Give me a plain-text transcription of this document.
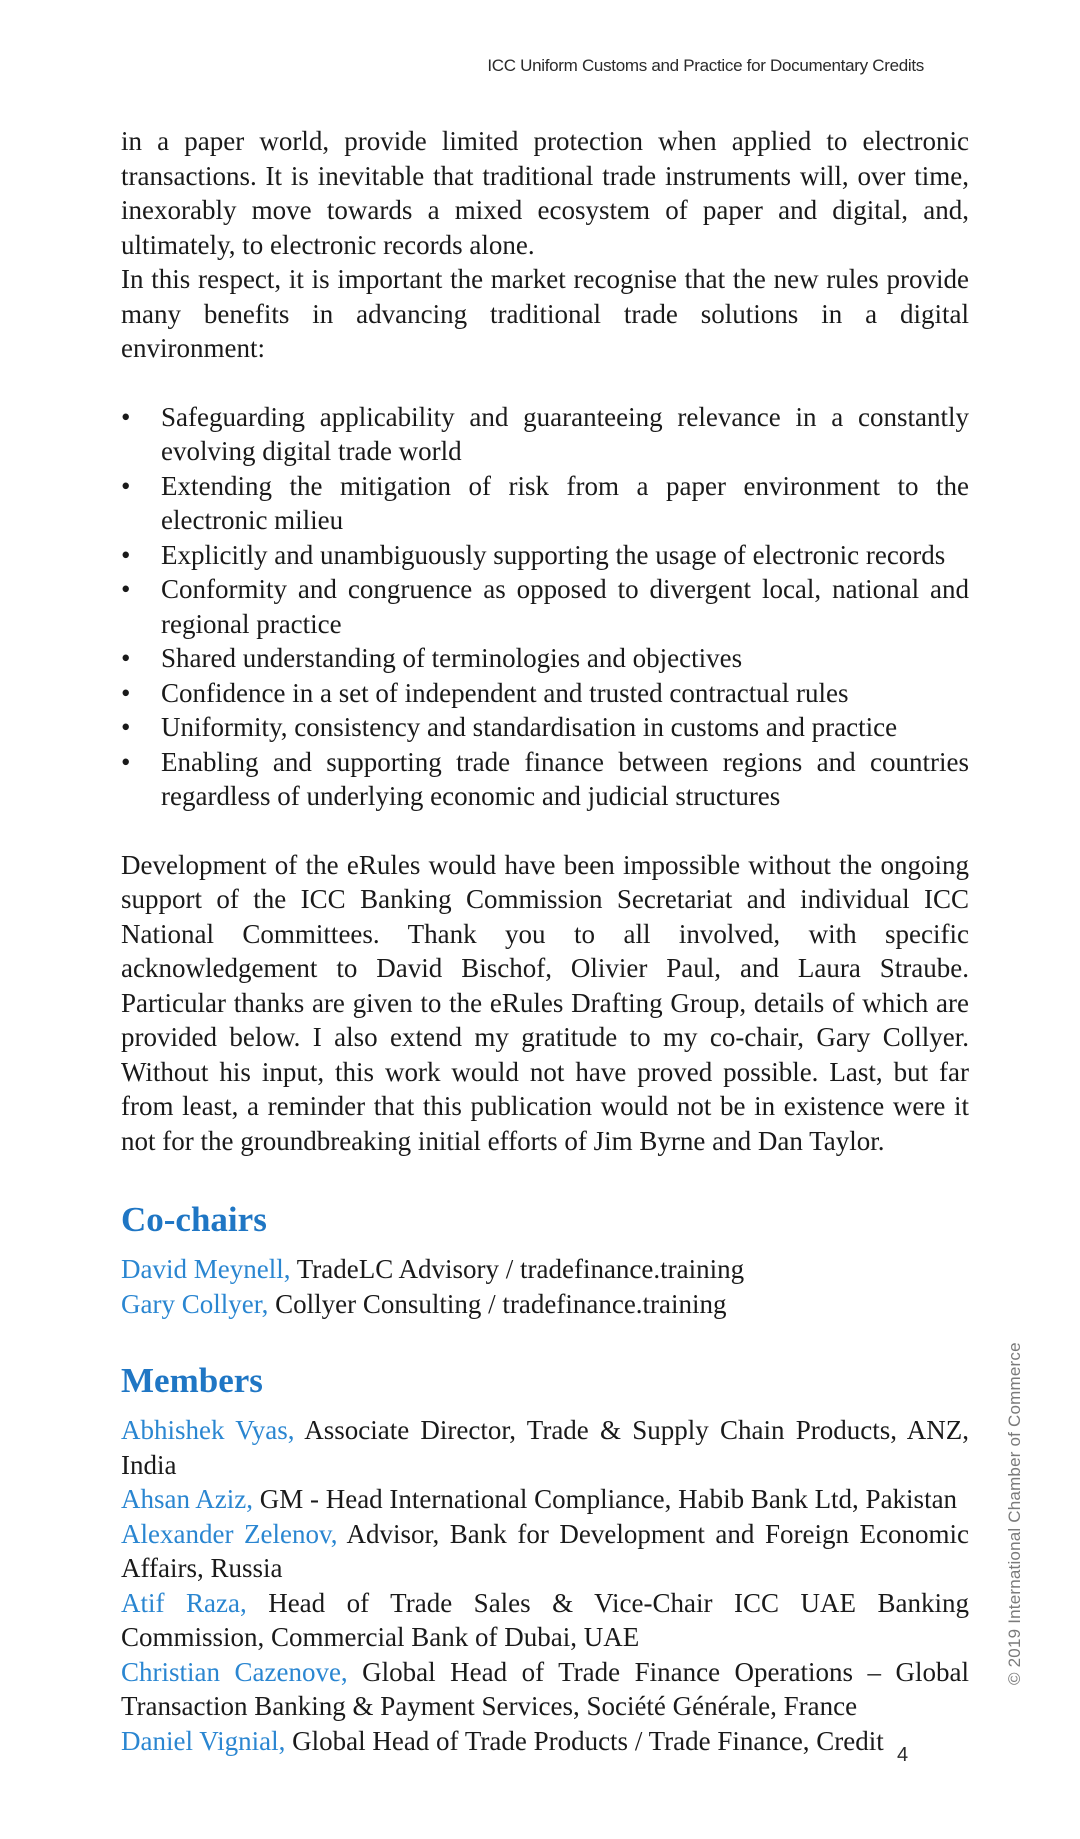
ICC Uniform Customs and Practice for Documentary Credits

in a paper world, provide limited protection when applied to electronic transactions. It is inevitable that traditional trade instruments will, over time, inexorably move towards a mixed ecosystem of paper and digital, and, ultimately, to electronic records alone.

In this respect, it is important the market recognise that the new rules provide many benefits in advancing traditional trade solutions in a digital environment:

•	Safeguarding applicability and guaranteeing relevance in a constantly evolving digital trade world
•	Extending the mitigation of risk from a paper environment to the electronic milieu
•	Explicitly and unambiguously supporting the usage of electronic records
•	Conformity and congruence as opposed to divergent local, national and regional practice
•	Shared understanding of terminologies and objectives
•	Confidence in a set of independent and trusted contractual rules
•	Uniformity, consistency and standardisation in customs and practice
•	Enabling and supporting trade finance between regions and countries regardless of underlying economic and judicial structures

Development of the eRules would have been impossible without the ongoing support of the ICC Banking Commission Secretariat and individual ICC National Committees. Thank you to all involved, with specific acknowledgement to David Bischof, Olivier Paul, and Laura Straube. Particular thanks are given to the eRules Drafting Group, details of which are provided below. I also extend my gratitude to my co-chair, Gary Collyer. Without his input, this work would not have proved possible. Last, but far from least, a reminder that this publication would not be in existence were it not for the groundbreaking initial efforts of Jim Byrne and Dan Taylor.

Co-chairs
David Meynell, TradeLC Advisory / tradefinance.training
Gary Collyer, Collyer Consulting / tradefinance.training
Members
Abhishek Vyas, Associate Director, Trade & Supply Chain Products, ANZ, India
Ahsan Aziz, GM - Head International Compliance, Habib Bank Ltd, Pakistan
Alexander Zelenov, Advisor, Bank for Development and Foreign Economic Affairs, Russia
Atif Raza, Head of Trade Sales & Vice-Chair ICC UAE Banking Commission, Commercial Bank of Dubai, UAE
Christian Cazenove, Global Head of Trade Finance Operations – Global Transaction Banking & Payment Services, Société Générale, France
Daniel Vignial, Global Head of Trade Products / Trade Finance, Credit 4
© 2019 International Chamber of Commerce
